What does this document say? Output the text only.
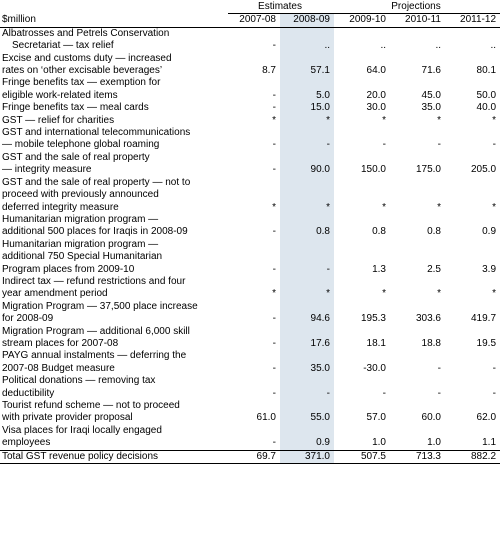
	Estimates		Projections		
$million	2007-08	2008-09	2009-10	2010-11	2011-12

Albatrosses and Petrels Conservation
Secretariat — tax relief	-	..	..	..	..

Excise and customs duty — increased
rates on ‘other excisable beverages’	8.7	57.1	64.0	71.6	80.1

Fringe benefits tax — exemption for
eligible work-related items	-	5.0	20.0	45.0	50.0

Fringe benefits tax — meal cards	-	15.0	30.0	35.0	40.0

GST — relief for charities	*	*	*	*	*

GST and international telecommunications
— mobile telephone global roaming	-	-	-	-	-

GST and the sale of real property
— integrity measure	-	90.0	150.0	175.0	205.0

GST and the sale of real property — not to
proceed with previously announced
deferred integrity measure	*	*	*	*	*

Humanitarian migration program —
additional 500 places for Iraqis in 2008-09	-	0.8	0.8	0.8	0.9

Humanitarian migration program —
additional 750 Special Humanitarian
Program places from 2009-10	-	-	1.3	2.5	3.9

Indirect tax — refund restrictions and four
year amendment period	*	*	*	*	*

Migration Program — 37,500 place increase
for 2008-09	-	94.6	195.3	303.6	419.7

Migration Program — additional 6,000 skill
stream places for 2007-08	-	17.6	18.1	18.8	19.5

PAYG annual instalments — deferring the
2007-08 Budget measure	-	35.0	-30.0	-	-

Political donations — removing tax
deductibility	-	-	-	-	-

Tourist refund scheme — not to proceed
with private provider proposal	61.0	55.0	57.0	60.0	62.0

Visa places for Iraqi locally engaged
employees	-	0.9	1.0	1.0	1.1
Total GST revenue policy decisions	69.7	371.0	507.5	713.3	882.2
